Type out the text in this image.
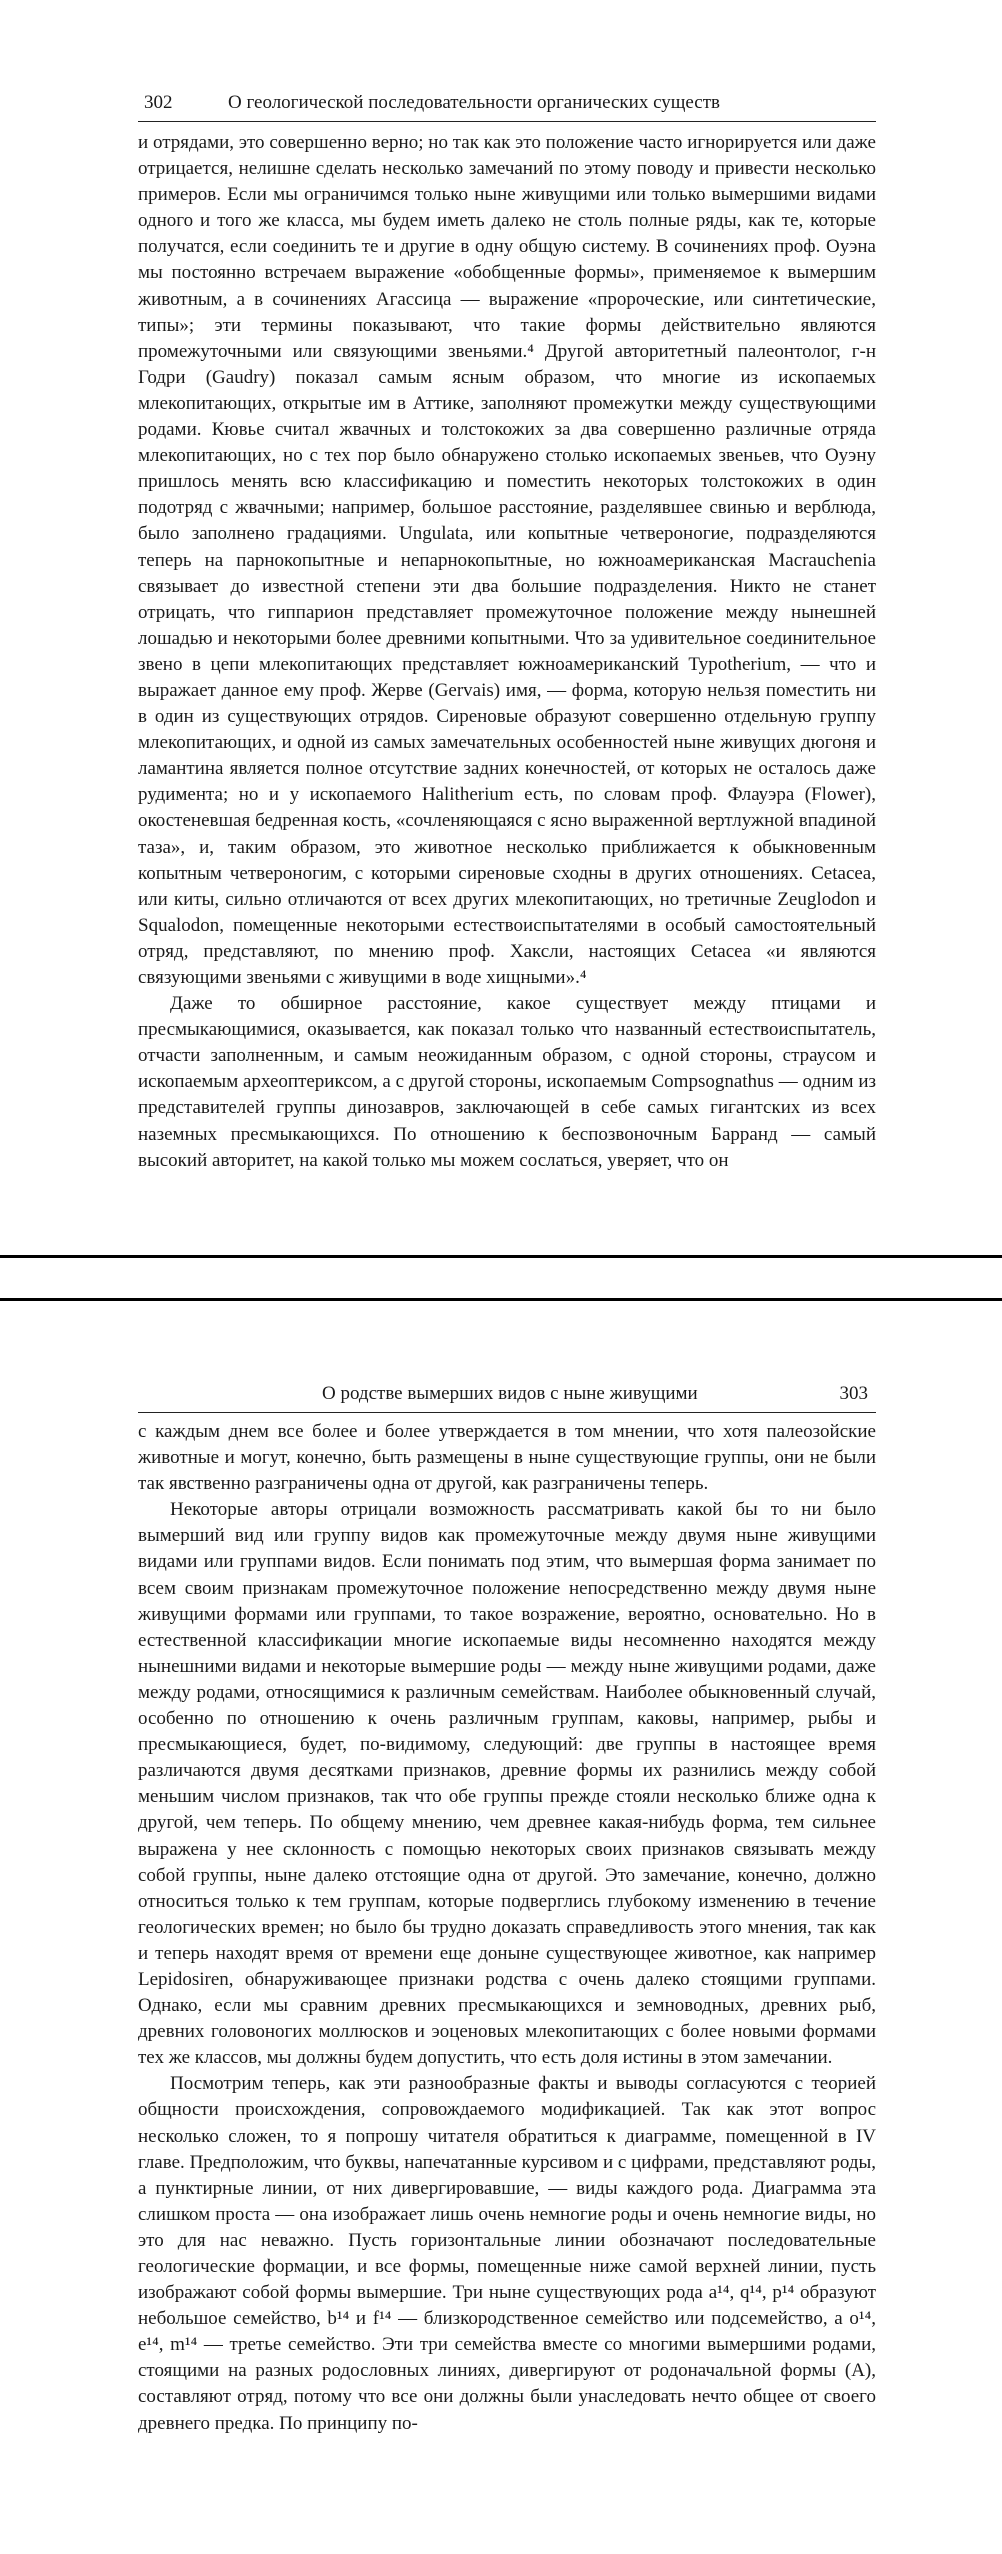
302	О геологической последовательности органических существ

и отрядами, это совершенно верно; но так как это положение часто игнорируется или даже отрицается, нелишне сделать несколько замечаний по этому поводу и привести несколько примеров. Если мы ограничимся только ныне живущими или только вымершими видами одного и того же класса, мы будем иметь далеко не столь полные ряды, как те, которые получатся, если соединить те и другие в одну общую систему. В сочинениях проф. Оуэна мы постоянно встречаем выражение «обобщенные формы», применяемое к вымершим животным, а в сочинениях Агассица — выражение «пророческие, или синтетические, типы»; эти термины показывают, что такие формы действительно являются промежуточными или связующими звеньями.⁴ Другой авторитетный палеонтолог, г-н Годри (Gaudry) показал самым ясным образом, что многие из ископаемых млекопитающих, открытые им в Аттике, заполняют промежутки между существующими родами. Кювье считал жвачных и толстокожих за два совершенно различные отряда млекопитающих, но с тех пор было обнаружено столько ископаемых звеньев, что Оуэну пришлось менять всю классификацию и поместить некоторых толстокожих в один подотряд с жвачными; например, большое расстояние, разделявшее свинью и верблюда, было заполнено градациями. Ungulata, или копытные четвероногие, подразделяются теперь на парнокопытные и непарнокопытные, но южноамериканская Macrauchenia связывает до известной степени эти два большие подразделения. Никто не станет отрицать, что гиппарион представляет промежуточное положение между нынешней лошадью и некоторыми более древними копытными. Что за удивительное соединительное звено в цепи млекопитающих представляет южноамериканский Typotherium, — что и выражает данное ему проф. Жерве (Gervais) имя, — форма, которую нельзя поместить ни в один из существующих отрядов. Сиреновые образуют совершенно отдельную группу млекопитающих, и одной из самых замечательных особенностей ныне живущих дюгоня и ламантина является полное отсутствие задних конечностей, от которых не осталось даже рудимента; но и у ископаемого Halitherium есть, по словам проф. Флауэра (Flower), окостеневшая бедренная кость, «сочленяющаяся с ясно выраженной вертлужной впадиной таза», и, таким образом, это животное несколько приближается к обыкновенным копытным четвероногим, с которыми сиреновые сходны в других отношениях. Cetacea, или киты, сильно отличаются от всех других млекопитающих, но третичные Zeuglodon и Squalodon, помещенные некоторыми естествоиспытателями в особый самостоятельный отряд, представляют, по мнению проф. Хаксли, настоящих Cetacea «и являются связующими звеньями с живущими в воде хищными».⁴

Даже то обширное расстояние, какое существует между птицами и пресмыкающимися, оказывается, как показал только что названный естествоиспытатель, отчасти заполненным, и самым неожиданным образом, с одной стороны, страусом и ископаемым археоптериксом, а с другой стороны, ископаемым Compsognathus — одним из представителей группы динозавров, заключающей в себе самых гигантских из всех наземных пресмыкающихся. По отношению к беспозвоночным Барранд — самый высокий авторитет, на какой только мы можем сослаться, уверяет, что он

О родстве вымерших видов с ныне живущими	303

с каждым днем все более и более утверждается в том мнении, что хотя палеозойские животные и могут, конечно, быть размещены в ныне существующие группы, они не были так явственно разграничены одна от другой, как разграничены теперь.

Некоторые авторы отрицали возможность рассматривать какой бы то ни было вымерший вид или группу видов как промежуточные между двумя ныне живущими видами или группами видов. Если понимать под этим, что вымершая форма занимает по всем своим признакам промежуточное положение непосредственно между двумя ныне живущими формами или группами, то такое возражение, вероятно, основательно. Но в естественной классификации многие ископаемые виды несомненно находятся между нынешними видами и некоторые вымершие роды — между ныне живущими родами, даже между родами, относящимися к различным семействам. Наиболее обыкновенный случай, особенно по отношению к очень различным группам, каковы, например, рыбы и пресмыкающиеся, будет, по-видимому, следующий: две группы в настоящее время различаются двумя десятками признаков, древние формы их разнились между собой меньшим числом признаков, так что обе группы прежде стояли несколько ближе одна к другой, чем теперь. По общему мнению, чем древнее какая-нибудь форма, тем сильнее выражена у нее склонность с помощью некоторых своих признаков связывать между собой группы, ныне далеко отстоящие одна от другой. Это замечание, конечно, должно относиться только к тем группам, которые подверглись глубокому изменению в течение геологических времен; но было бы трудно доказать справедливость этого мнения, так как и теперь находят время от времени еще доныне существующее животное, как например Lepidosiren, обнаруживающее признаки родства с очень далеко стоящими группами. Однако, если мы сравним древних пресмыкающихся и земноводных, древних рыб, древних головоногих моллюсков и эоценовых млекопитающих с более новыми формами тех же классов, мы должны будем допустить, что есть доля истины в этом замечании.

Посмотрим теперь, как эти разнообразные факты и выводы согласуются с теорией общности происхождения, сопровождаемого модификацией. Так как этот вопрос несколько сложен, то я попрошу читателя обратиться к диаграмме, помещенной в IV главе. Предположим, что буквы, напечатанные курсивом и с цифрами, представляют роды, а пунктирные линии, от них дивергировавшие, — виды каждого рода. Диаграмма эта слишком проста — она изображает лишь очень немногие роды и очень немногие виды, но это для нас неважно. Пусть горизонтальные линии обозначают последовательные геологические формации, и все формы, помещенные ниже самой верхней линии, пусть изображают собой формы вымершие. Три ныне существующих рода a¹⁴, q¹⁴, p¹⁴ образуют небольшое семейство, b¹⁴ и f¹⁴ — близкородственное семейство или подсемейство, а o¹⁴, e¹⁴, m¹⁴ — третье семейство. Эти три семейства вместе со многими вымершими родами, стоящими на разных родословных линиях, дивергируют от родоначальной формы (A), составляют отряд, потому что все они должны были унаследовать нечто общее от своего древнего предка. По принципу по-
